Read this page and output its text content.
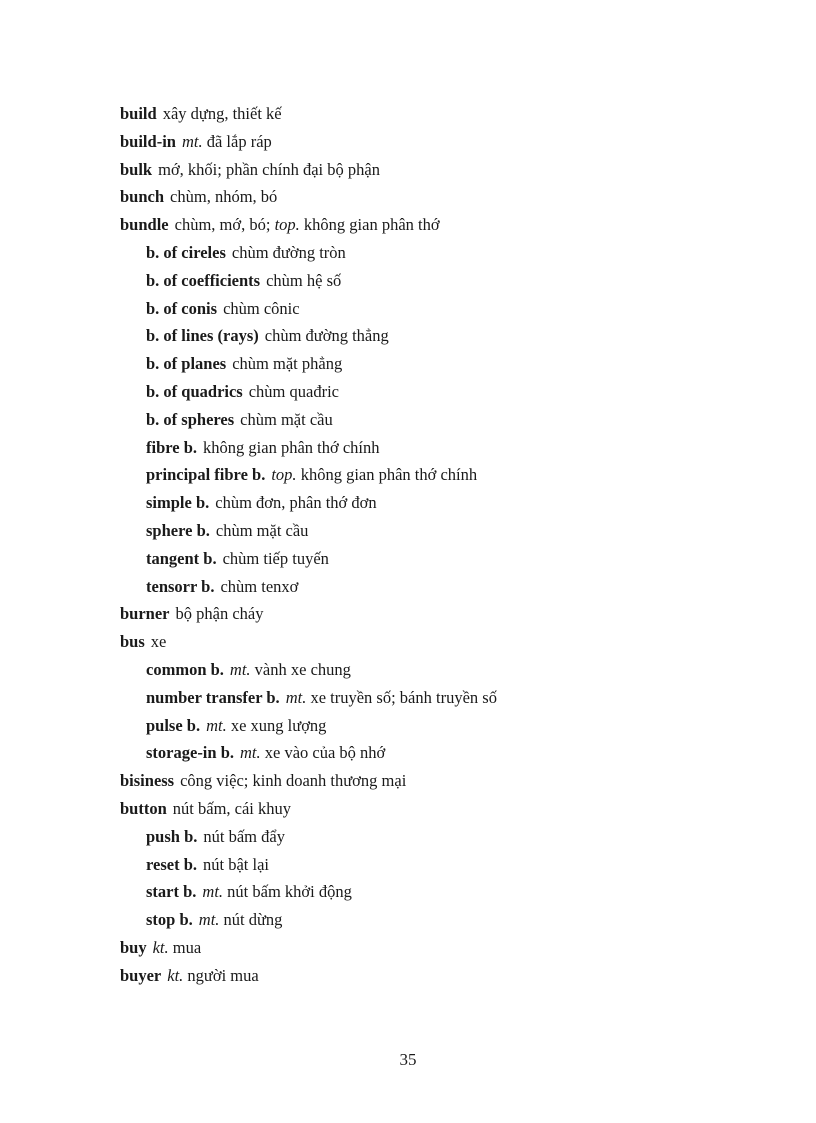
build xây dựng, thiết kế
build-in mt. đã lắp ráp
bulk mớ, khối; phần chính đại bộ phận
bunch chùm, nhóm, bó
bundle chùm, mớ, bó; top. không gian phân thớ
b. of cireles chùm đường tròn
b. of coefficients chùm hệ số
b. of conis chùm cônic
b. of lines (rays) chùm đường thẳng
b. of planes chùm mặt phẳng
b. of quadrics chùm quađric
b. of spheres chùm mặt cầu
fibre b. không gian phân thớ chính
principal fibre b. top. không gian phân thớ chính
simple b. chùm đơn, phân thớ đơn
sphere b. chùm mặt cầu
tangent b. chùm tiếp tuyến
tensorr b. chùm tenxơ
burner bộ phận cháy
bus xe
common b. mt. vành xe chung
number transfer b. mt. xe truyền số; bánh truyền số
pulse b. mt. xe xung lượng
storage-in b. mt. xe vào của bộ nhớ
bisiness công việc; kinh doanh thương mại
button nút bấm, cái khuy
push b. nút bấm đẩy
reset b. nút bật lại
start b. mt. nút bấm khởi động
stop b. mt. nút dừng
buy kt. mua
buyer kt. người mua
35
